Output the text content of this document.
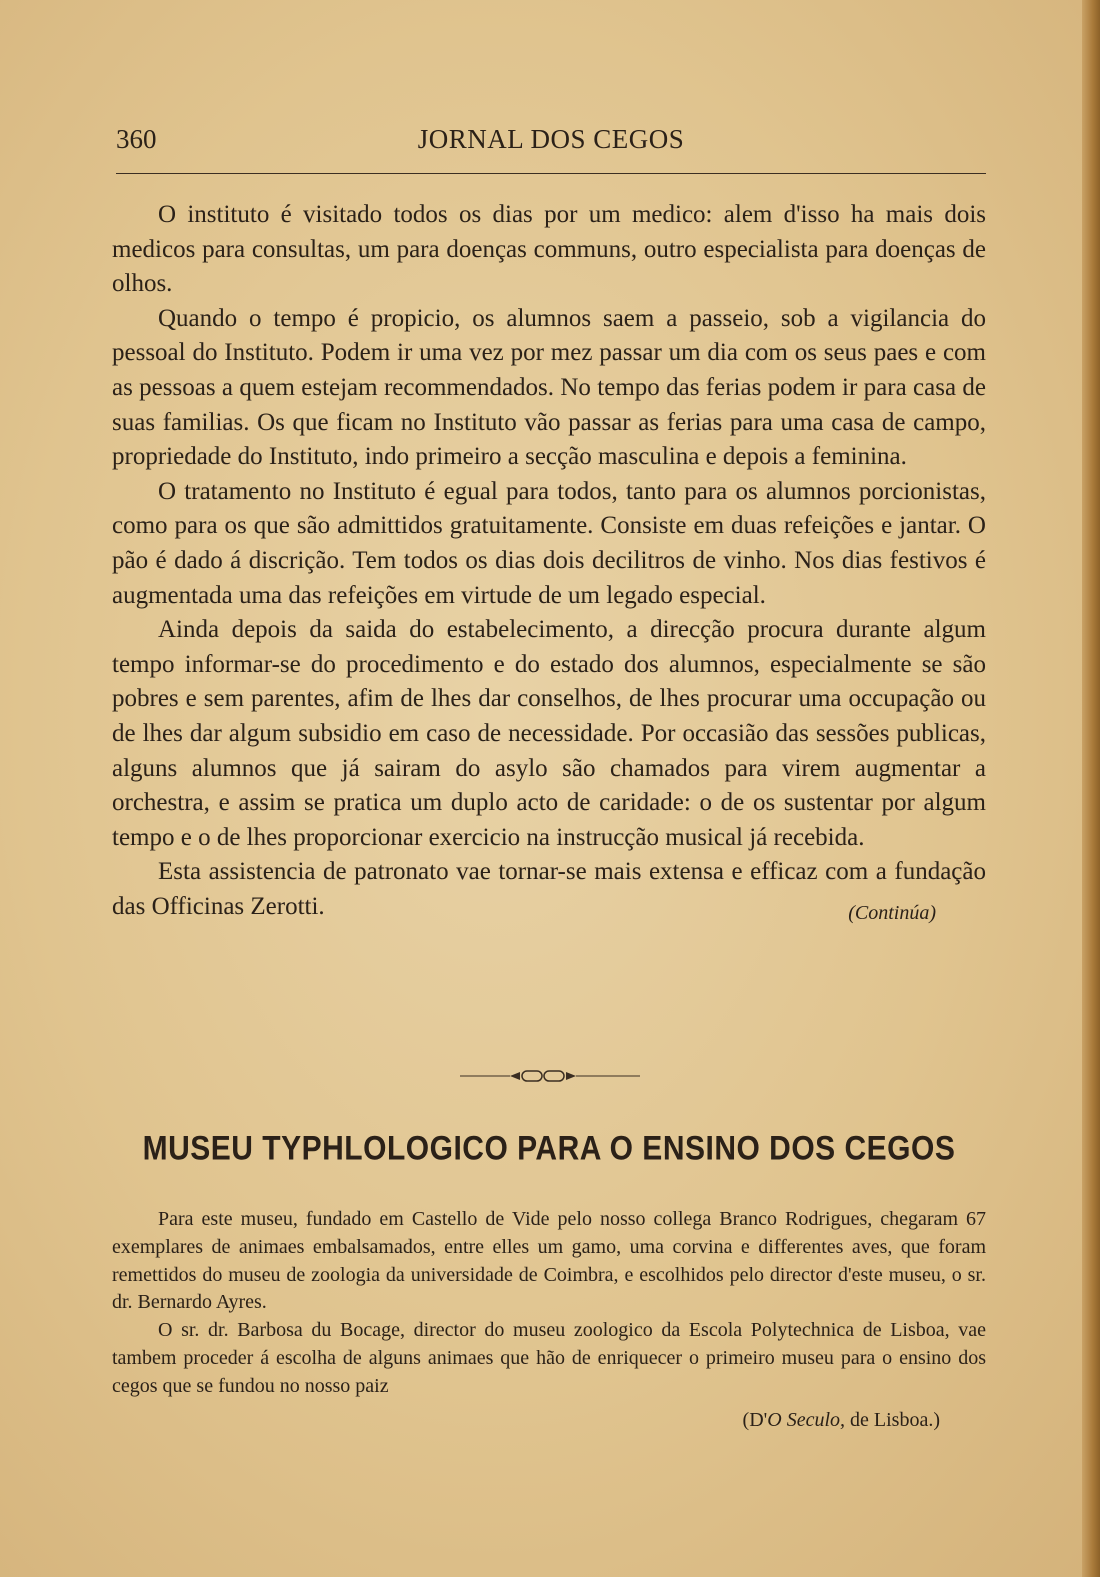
360	JORNAL DOS CEGOS

O instituto é visitado todos os dias por um medico: alem d'isso ha mais dois medicos para consultas, um para doenças communs, outro especialista para doenças de olhos.

Quando o tempo é propicio, os alumnos saem a passeio, sob a vigilancia do pessoal do Instituto. Podem ir uma vez por mez passar um dia com os seus paes e com as pessoas a quem estejam recommendados. No tempo das ferias podem ir para casa de suas familias. Os que ficam no Instituto vão passar as ferias para uma casa de campo, propriedade do Instituto, indo primeiro a secção masculina e depois a feminina.

O tratamento no Instituto é egual para todos, tanto para os alumnos porcionistas, como para os que são admittidos gratuitamente. Consiste em duas refeições e jantar. O pão é dado á discrição. Tem todos os dias dois decilitros de vinho. Nos dias festivos é augmentada uma das refeições em virtude de um legado especial.

Ainda depois da saida do estabelecimento, a direcção procura durante algum tempo informar-se do procedimento e do estado dos alumnos, especialmente se são pobres e sem parentes, afim de lhes dar conselhos, de lhes procurar uma occupação ou de lhes dar algum subsidio em caso de necessidade. Por occasião das sessões publicas, alguns alumnos que já sairam do asylo são chamados para virem augmentar a orchestra, e assim se pratica um duplo acto de caridade: o de os sustentar por algum tempo e o de lhes proporcionar exercicio na instrucção musical já recebida.

Esta assistencia de patronato vae tornar-se mais extensa e efficaz com a fundação das Officinas Zerotti.	(Continúa)

MUSEU TYPHLOLOGICO PARA O ENSINO DOS CEGOS

Para este museu, fundado em Castello de Vide pelo nosso collega Branco Rodrigues, chegaram 67 exemplares de animaes embalsamados, entre elles um gamo, uma corvina e differentes aves, que foram remettidos do museu de zoologia da universidade de Coimbra, e escolhidos pelo director d'este museu, o sr. dr. Bernardo Ayres.

O sr. dr. Barbosa du Bocage, director do museu zoologico da Escola Polytechnica de Lisboa, vae tambem proceder á escolha de alguns animaes que hão de enriquecer o primeiro museu para o ensino dos cegos que se fundou no nosso paiz

(D'O Seculo, de Lisboa.)
